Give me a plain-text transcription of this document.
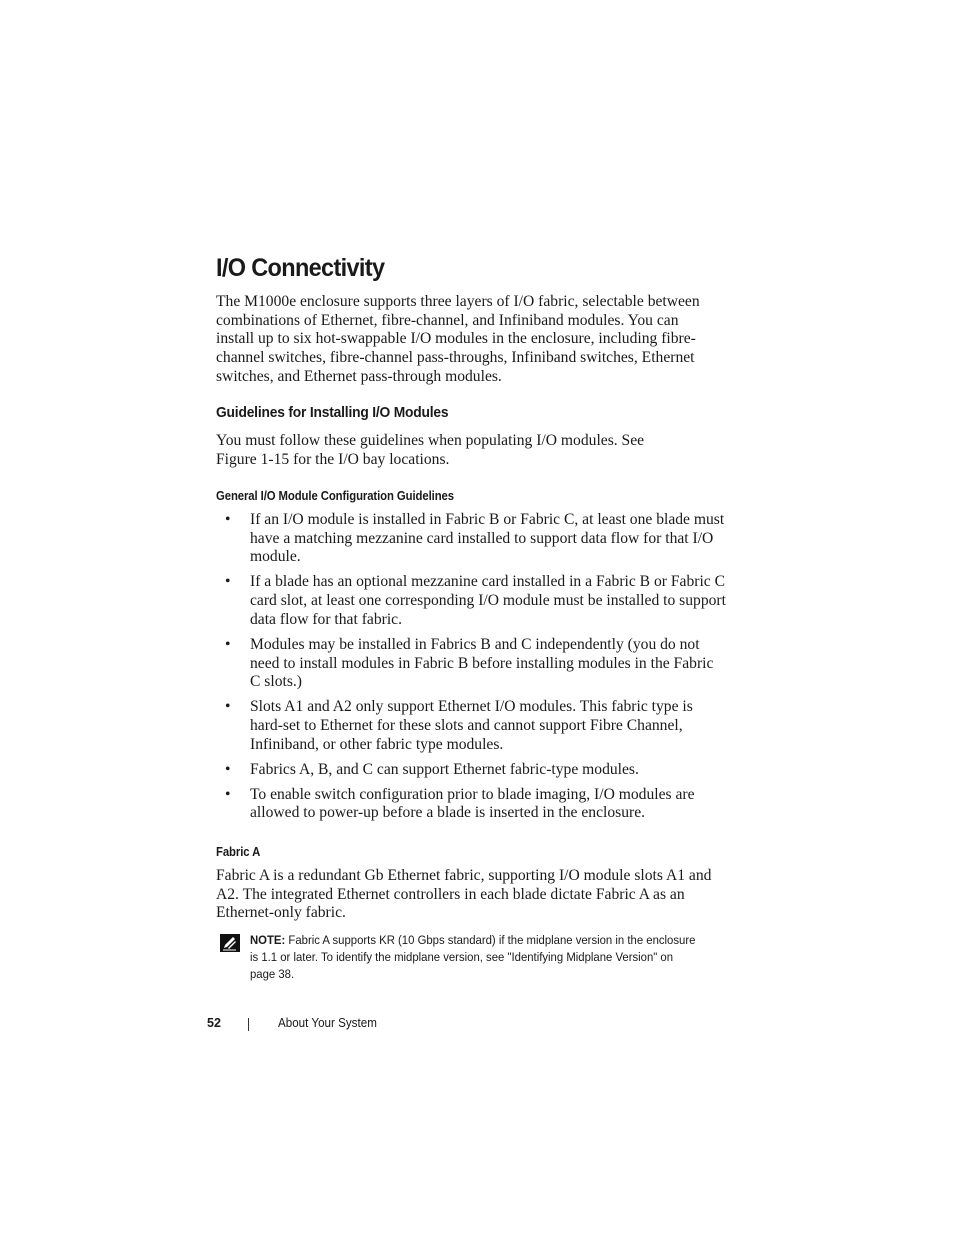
I/O Connectivity

The M1000e enclosure supports three layers of I/O fabric, selectable between combinations of Ethernet, fibre-channel, and Infiniband modules. You can install up to six hot-swappable I/O modules in the enclosure, including fibre-channel switches, fibre-channel pass-throughs, Infiniband switches, Ethernet switches, and Ethernet pass-through modules.

Guidelines for Installing I/O Modules

You must follow these guidelines when populating I/O modules. See Figure 1-15 for the I/O bay locations.

General I/O Module Configuration Guidelines
• If an I/O module is installed in Fabric B or Fabric C, at least one blade must have a matching mezzanine card installed to support data flow for that I/O module.
• If a blade has an optional mezzanine card installed in a Fabric B or Fabric C card slot, at least one corresponding I/O module must be installed to support data flow for that fabric.
• Modules may be installed in Fabrics B and C independently (you do not need to install modules in Fabric B before installing modules in the Fabric C slots.)
• Slots A1 and A2 only support Ethernet I/O modules. This fabric type is hard-set to Ethernet for these slots and cannot support Fibre Channel, Infiniband, or other fabric type modules.
• Fabrics A, B, and C can support Ethernet fabric-type modules.
• To enable switch configuration prior to blade imaging, I/O modules are allowed to power-up before a blade is inserted in the enclosure.
Fabric A

Fabric A is a redundant Gb Ethernet fabric, supporting I/O module slots A1 and A2. The integrated Ethernet controllers in each blade dictate Fabric A as an Ethernet-only fabric.

NOTE: Fabric A supports KR (10 Gbps standard) if the midplane version in the enclosure is 1.1 or later. To identify the midplane version, see "Identifying Midplane Version" on page 38.

52	About Your System
